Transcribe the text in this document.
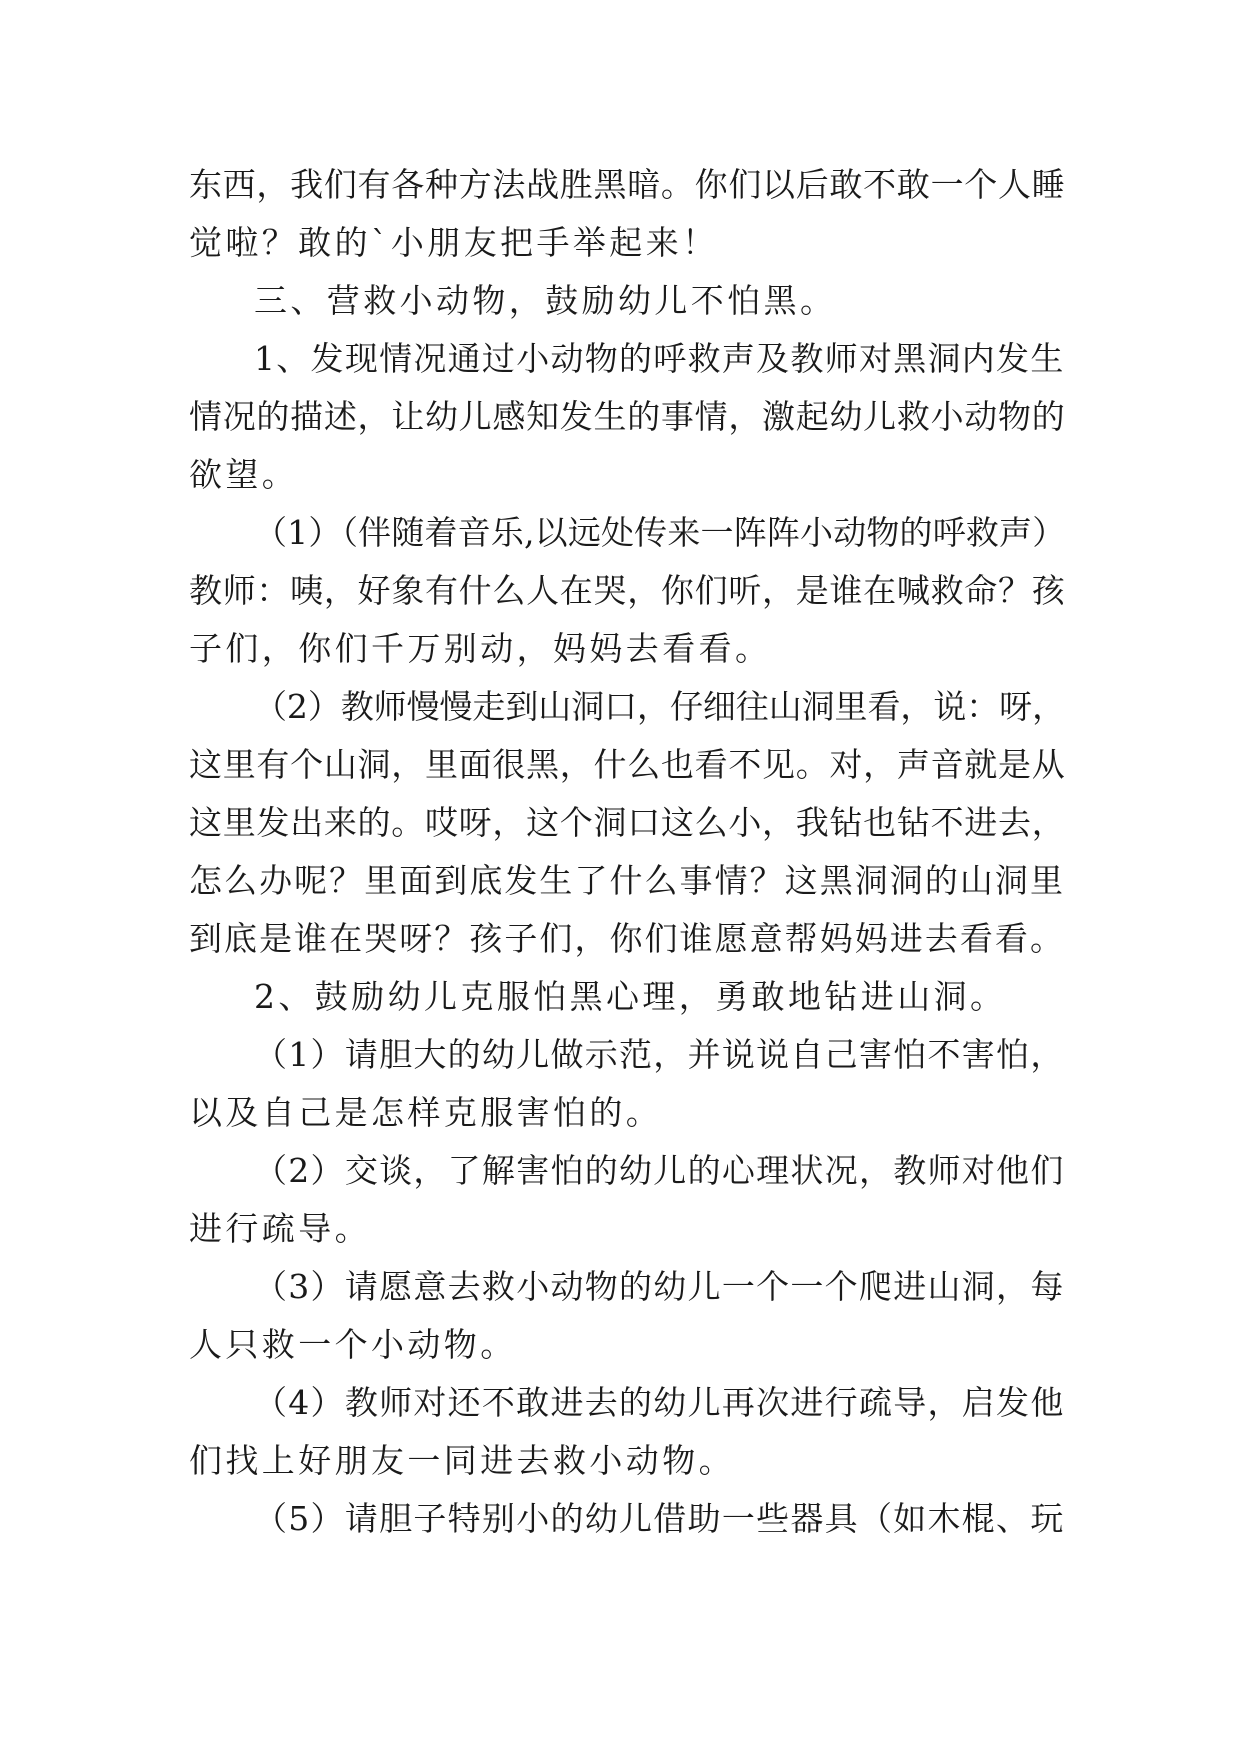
东西，我们有各种方法战胜黑暗。你们以后敢不敢一个人睡

觉啦？敢的`小朋友把手举起来！

三、营救小动物，鼓励幼儿不怕黑。

1、发现情况通过小动物的呼救声及教师对黑洞内发生

情况的描述，让幼儿感知发生的事情，激起幼儿救小动物的

欲望。

（1）（伴随着音乐,以远处传来一阵阵小动物的呼救声）

教师：咦，好象有什么人在哭，你们听，是谁在喊救命？孩

子们，你们千万别动，妈妈去看看。

（2）教师慢慢走到山洞口，仔细往山洞里看，说：呀，

这里有个山洞，里面很黑，什么也看不见。对，声音就是从

这里发出来的。哎呀，这个洞口这么小，我钻也钻不进去，

怎么办呢？里面到底发生了什么事情？这黑洞洞的山洞里

到底是谁在哭呀？孩子们，你们谁愿意帮妈妈进去看看。

2、鼓励幼儿克服怕黑心理，勇敢地钻进山洞。

（1）请胆大的幼儿做示范，并说说自己害怕不害怕，

以及自己是怎样克服害怕的。

（2）交谈，了解害怕的幼儿的心理状况，教师对他们

进行疏导。

（3）请愿意去救小动物的幼儿一个一个爬进山洞，每

人只救一个小动物。

（4）教师对还不敢进去的幼儿再次进行疏导，启发他

们找上好朋友一同进去救小动物。

（5）请胆子特别小的幼儿借助一些器具（如木棍、玩
